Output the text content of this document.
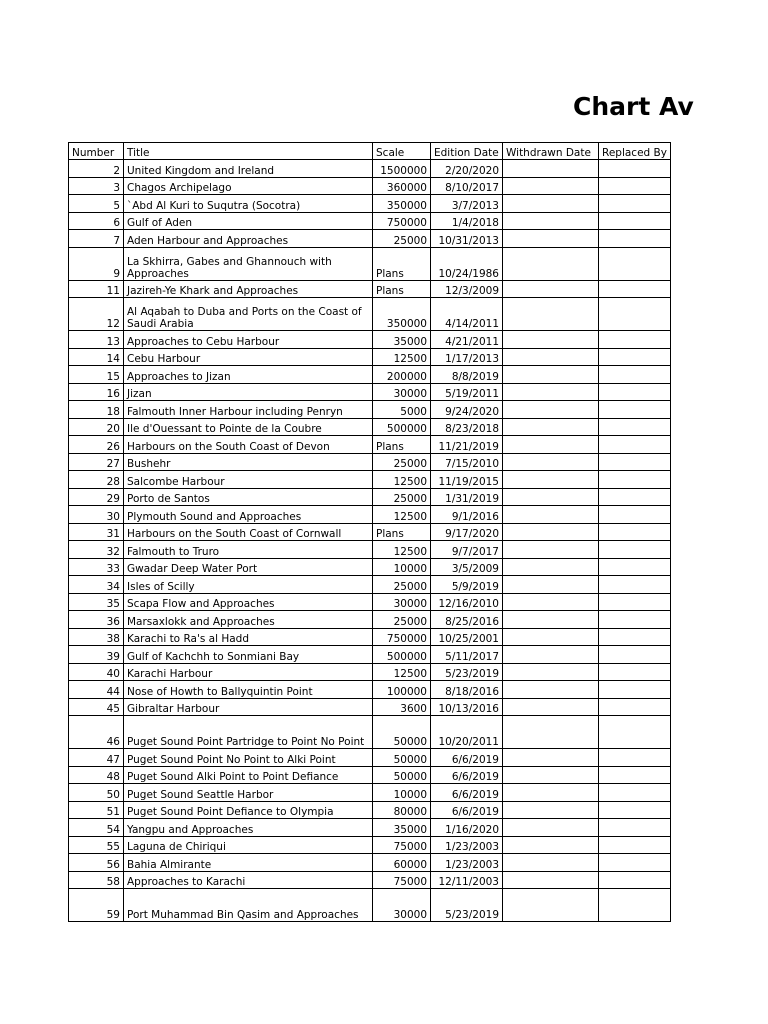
Chart Av
Number	Title	Scale	Edition Date	Withdrawn Date	Replaced By
2	United Kingdom and Ireland	1500000	2/20/2020		
3	Chagos Archipelago	360000	8/10/2017		
5	`Abd Al Kuri to Suqutra (Socotra)	350000	3/7/2013		
6	Gulf of Aden	750000	1/4/2018		
7	Aden Harbour and Approaches	25000	10/31/2013		
9	La Skhirra, Gabes and Ghannouch with Approaches	Plans	10/24/1986		
11	Jazireh-Ye Khark and Approaches	Plans	12/3/2009		
12	Al Aqabah to Duba and Ports on the Coast of Saudi Arabia	350000	4/14/2011		
13	Approaches to Cebu Harbour	35000	4/21/2011		
14	Cebu Harbour	12500	1/17/2013		
15	Approaches to Jizan	200000	8/8/2019		
16	Jizan	30000	5/19/2011		
18	Falmouth Inner Harbour including Penryn	5000	9/24/2020		
20	Ile d'Ouessant to Pointe de la Coubre	500000	8/23/2018		
26	Harbours on the South Coast of Devon	Plans	11/21/2019		
27	Bushehr	25000	7/15/2010		
28	Salcombe Harbour	12500	11/19/2015		
29	Porto de Santos	25000	1/31/2019		
30	Plymouth Sound and Approaches	12500	9/1/2016		
31	Harbours on the South Coast of Cornwall	Plans	9/17/2020		
32	Falmouth to Truro	12500	9/7/2017		
33	Gwadar Deep Water Port	10000	3/5/2009		
34	Isles of Scilly	25000	5/9/2019		
35	Scapa Flow and Approaches	30000	12/16/2010		
36	Marsaxlokk and Approaches	25000	8/25/2016		
38	Karachi to Ra's al Hadd	750000	10/25/2001		
39	Gulf of Kachchh to Sonmiani Bay	500000	5/11/2017		
40	Karachi Harbour	12500	5/23/2019		
44	Nose of Howth to Ballyquintin Point	100000	8/18/2016		
45	Gibraltar Harbour	3600	10/13/2016		
46	Puget Sound Point Partridge to Point No Point	50000	10/20/2011		
47	Puget Sound Point No Point to Alki Point	50000	6/6/2019		
48	Puget Sound Alki Point to Point Defiance	50000	6/6/2019		
50	Puget Sound Seattle Harbor	10000	6/6/2019		
51	Puget Sound Point Defiance to Olympia	80000	6/6/2019		
54	Yangpu and Approaches	35000	1/16/2020		
55	Laguna de Chiriqui	75000	1/23/2003		
56	Bahia Almirante	60000	1/23/2003		
58	Approaches to Karachi	75000	12/11/2003		
59	Port Muhammad Bin Qasim and Approaches	30000	5/23/2019		
